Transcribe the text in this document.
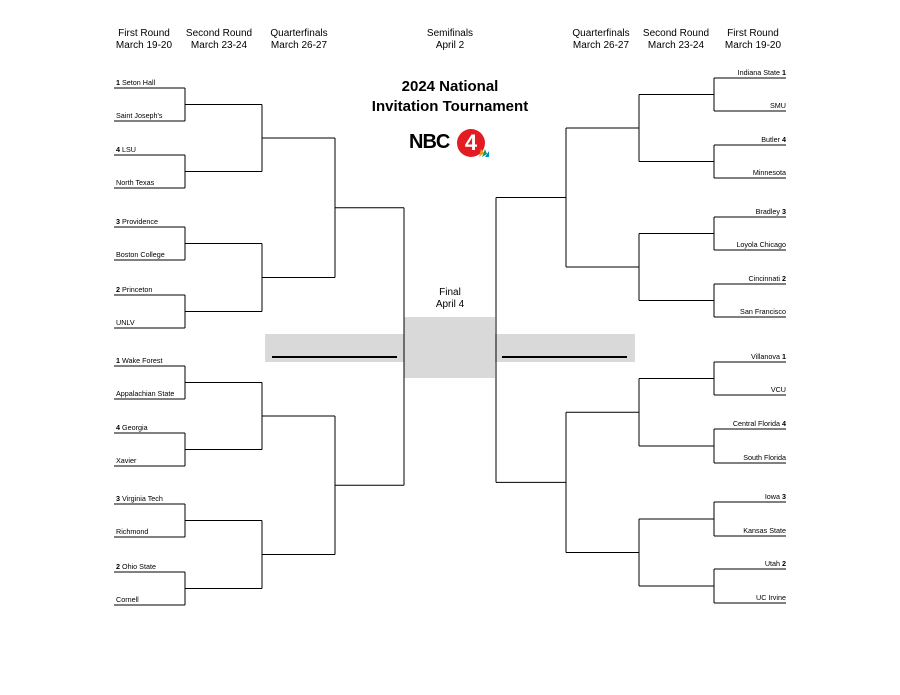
First Round
March 19-20
Second Round
March 23-24
Quarterfinals
March 26-27
Semifinals
April 2
Quarterfinals
March 26-27
Second Round
March 23-24
First Round
March 19-20
2024 National
Invitation Tournament
NBC 4
Final
April 4
1 Seton Hall
Saint Joseph's
4 LSU
North Texas
3 Providence
Boston College
2 Princeton
UNLV
1 Wake Forest
Appalachian State
4 Georgia
Xavier
3 Virginia Tech
Richmond
2 Ohio State
Cornell
Indiana State 1
SMU
Butler 4
Minnesota
Bradley 3
Loyola Chicago
Cincinnati 2
San Francisco
Villanova 1
VCU
Central Florida 4
South Florida
Iowa 3
Kansas State
Utah 2
UC Irvine
